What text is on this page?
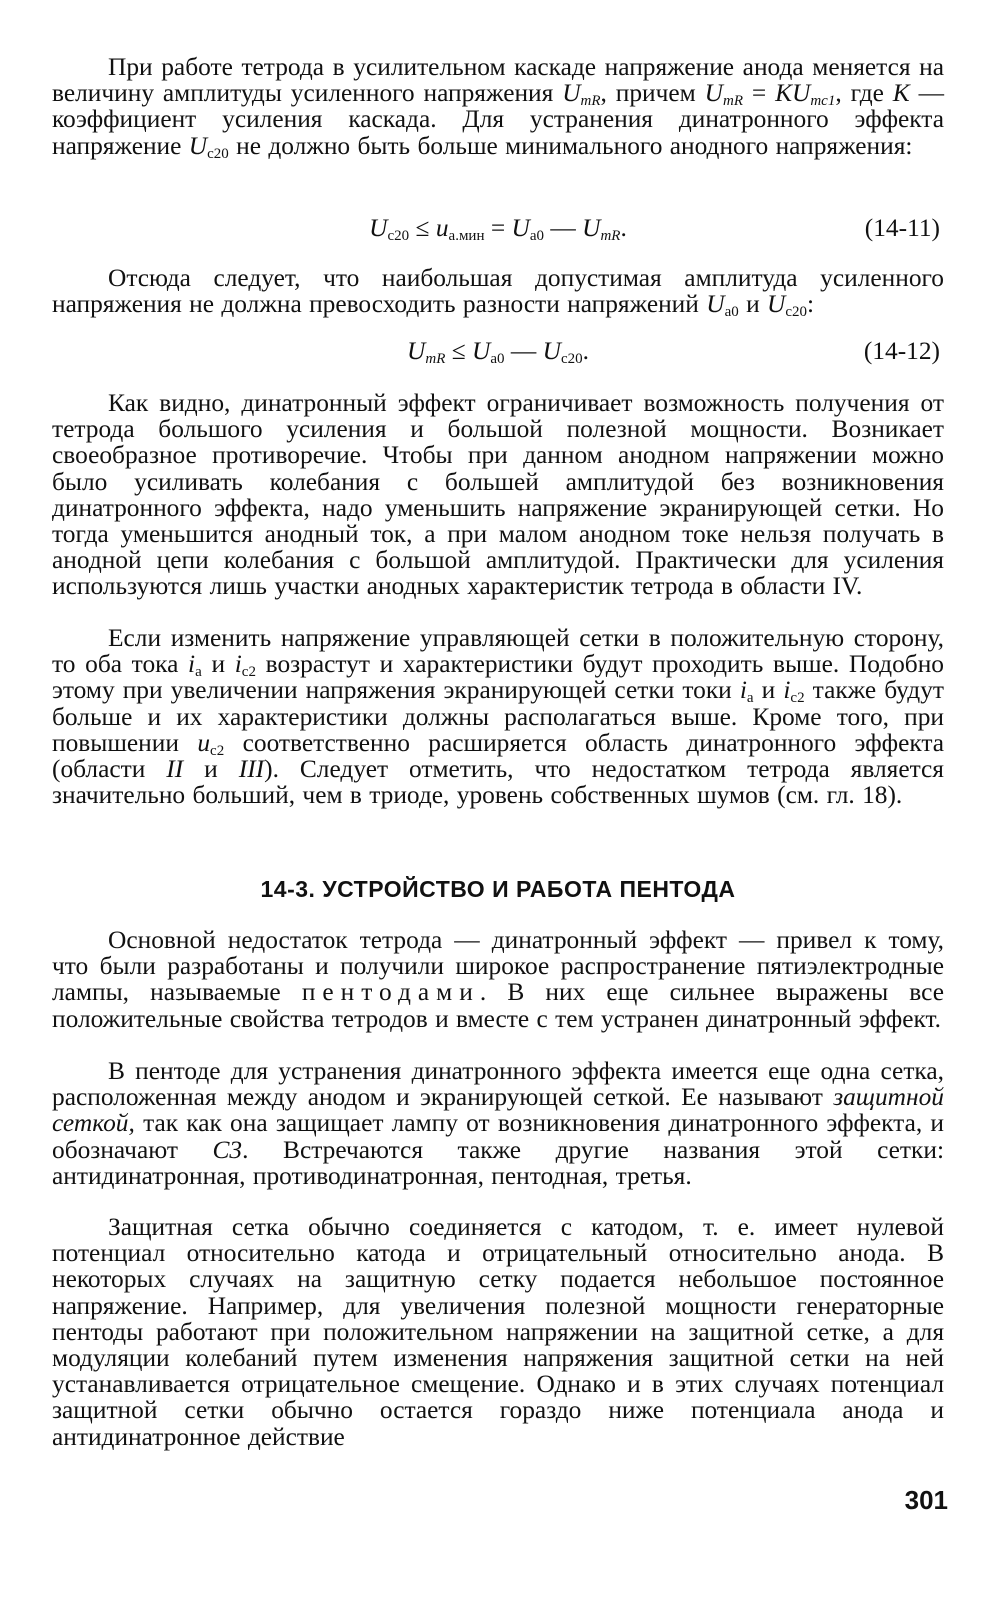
При работе тетрода в усилительном каскаде напряжение анода меняется на величину амплитуды усиленного напряжения $U_{mR}$, причем $U_{mR} = KU_{mc1}$, где K — коэффициент усиления каскада. Для устранения динатронного эффекта напряжение $U_{c20}$ не должно быть больше минимального анодного напряжения:

$U_{c20} \le u_{а.мин} = U_{а0}$ — $U_{mR}$.	(14-11)

Отсюда следует, что наибольшая допустимая амплитуда усиленного напряжения не должна превосходить разности напряжений $U_{а0}$ и $U_{c20}$:

$U_{mR} \le U_{а0}$ — $U_{c20}$.	(14-12)

Как видно, динатронный эффект ограничивает возможность получения от тетрода большого усиления и большой полезной мощности. Возникает своеобразное противоречие. Чтобы при данном анодном напряжении можно было усиливать колебания с большей амплитудой без возникновения динатронного эффекта, надо уменьшить напряжение экранирующей сетки. Но тогда уменьшится анодный ток, а при малом анодном токе нельзя получать в анодной цепи колебания с большой амплитудой. Практически для усиления используются лишь участки анодных характеристик тетрода в области IV.

Если изменить напряжение управляющей сетки в положительную сторону, то оба тока $i_а$ и $i_{c2}$ возрастут и характеристики будут проходить выше. Подобно этому при увеличении напряжения экранирующей сетки токи $i_а$ и $i_{c2}$ также будут больше и их характеристики должны располагаться выше. Кроме того, при повышении $u_{c2}$ соответственно расширяется область динатронного эффекта (области II и III). Следует отметить, что недостатком тетрода является значительно больший, чем в триоде, уровень собственных шумов (см. гл. 18).

14-3. УСТРОЙСТВО И РАБОТА ПЕНТОДА

Основной недостаток тетрода — динатронный эффект — привел к тому, что были разработаны и получили широкое распространение пятиэлектродные лампы, называемые пентодами. В них еще сильнее выражены все положительные свойства тетродов и вместе с тем устранен динатронный эффект.

В пентоде для устранения динатронного эффекта имеется еще одна сетка, расположенная между анодом и экранирующей сеткой. Ее называют защитной сеткой, так как она защищает лампу от возникновения динатронного эффекта, и обозначают С3. Встречаются также другие названия этой сетки: антидинатронная, противодинатронная, пентодная, третья.

Защитная сетка обычно соединяется с катодом, т. е. имеет нулевой потенциал относительно катода и отрицательный относительно анода. В некоторых случаях на защитную сетку подается небольшое постоянное напряжение. Например, для увеличения полезной мощности генераторные пентоды работают при положительном напряжении на защитной сетке, а для модуляции колебаний путем изменения напряжения защитной сетки на ней устанавливается отрицательное смещение. Однако и в этих случаях потенциал защитной сетки обычно остается гораздо ниже потенциала анода и антидинатронное действие

301
